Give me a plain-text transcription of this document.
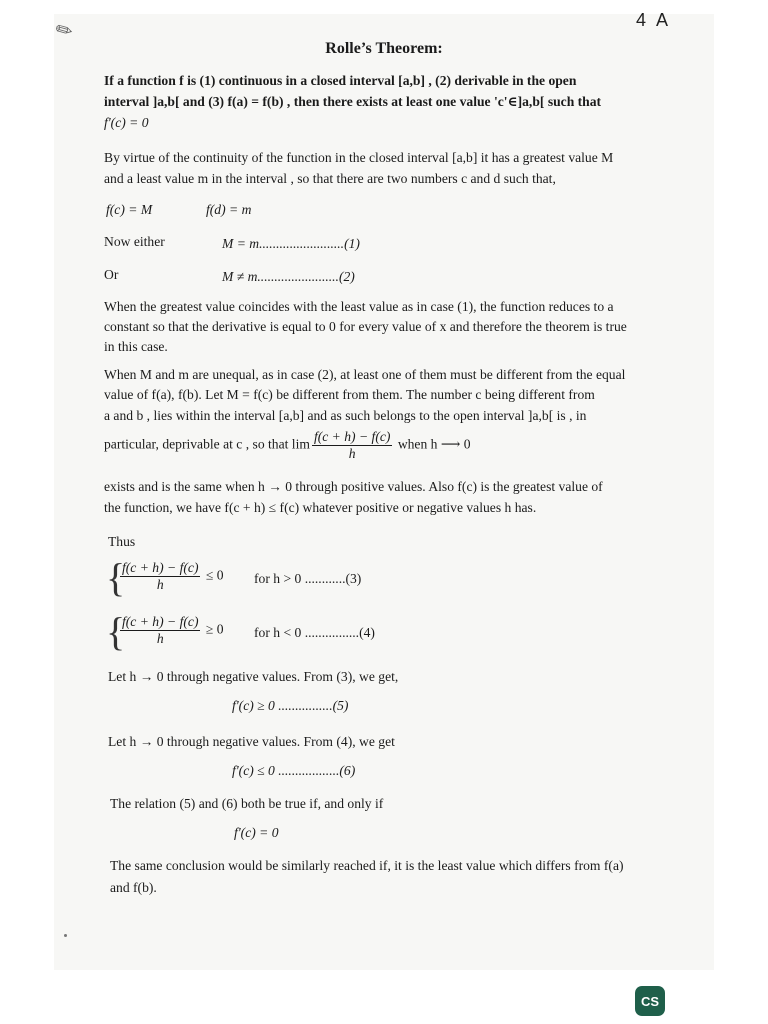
✎	4 A
Rolle’s Theorem:
If a function f is (1) continuous in a closed interval [a,b] , (2) derivable in the open
interval ]a,b[ and (3) f(a) = f(b) , then there exists at least one value 'c'∈]a,b[ such that
f'(c) = 0
By virtue of the continuity of the function in the closed interval [a,b] it has a greatest value M
and a least value m in the interval , so that there are two numbers c and d such that,
f(c) = M	f(d) = m
Now either	M = m.........................(1)
Or	M ≠ m........................(2)
When the greatest value coincides with the least value as in case (1), the function reduces to a
constant so that the derivative is equal to 0 for every value of x and therefore the theorem is true
in this case.
When M and m are unequal, as in case (2), at least one of them must be different from the equal
value of f(a), f(b). Let M = f(c) be different from them. The number c being different from
a and b , lies within the interval [a,b] and as such belongs to the open interval ]a,b[ is , in
particular, deprivable at c , so that $\lim \frac{f(c + h) - f(c)}{h}$ when h ⟶ 0
exists and is the same when h → 0 through positive values. Also f(c) is the greatest value of
the function, we have f(c + h) ≤ f(c) whatever positive or negative values h has.
Thus
{
$\frac{f(c + h) - f(c)}{h} \le 0$ for h > 0 ............(3)
{
$\frac{f(c + h) - f(c)}{h} \ge 0$ for h < 0 ................(4)
Let h → 0 through negative values. From (3), we get,
f'(c) ≥ 0 ................(5)
Let h → 0 through negative values. From (4), we get
f'(c) ≤ 0 ..................(6)
The relation (5) and (6) both be true if, and only if
f'(c) = 0
The same conclusion would be similarly reached if, it is the least value which differs from f(a)
and f(b).
CS
